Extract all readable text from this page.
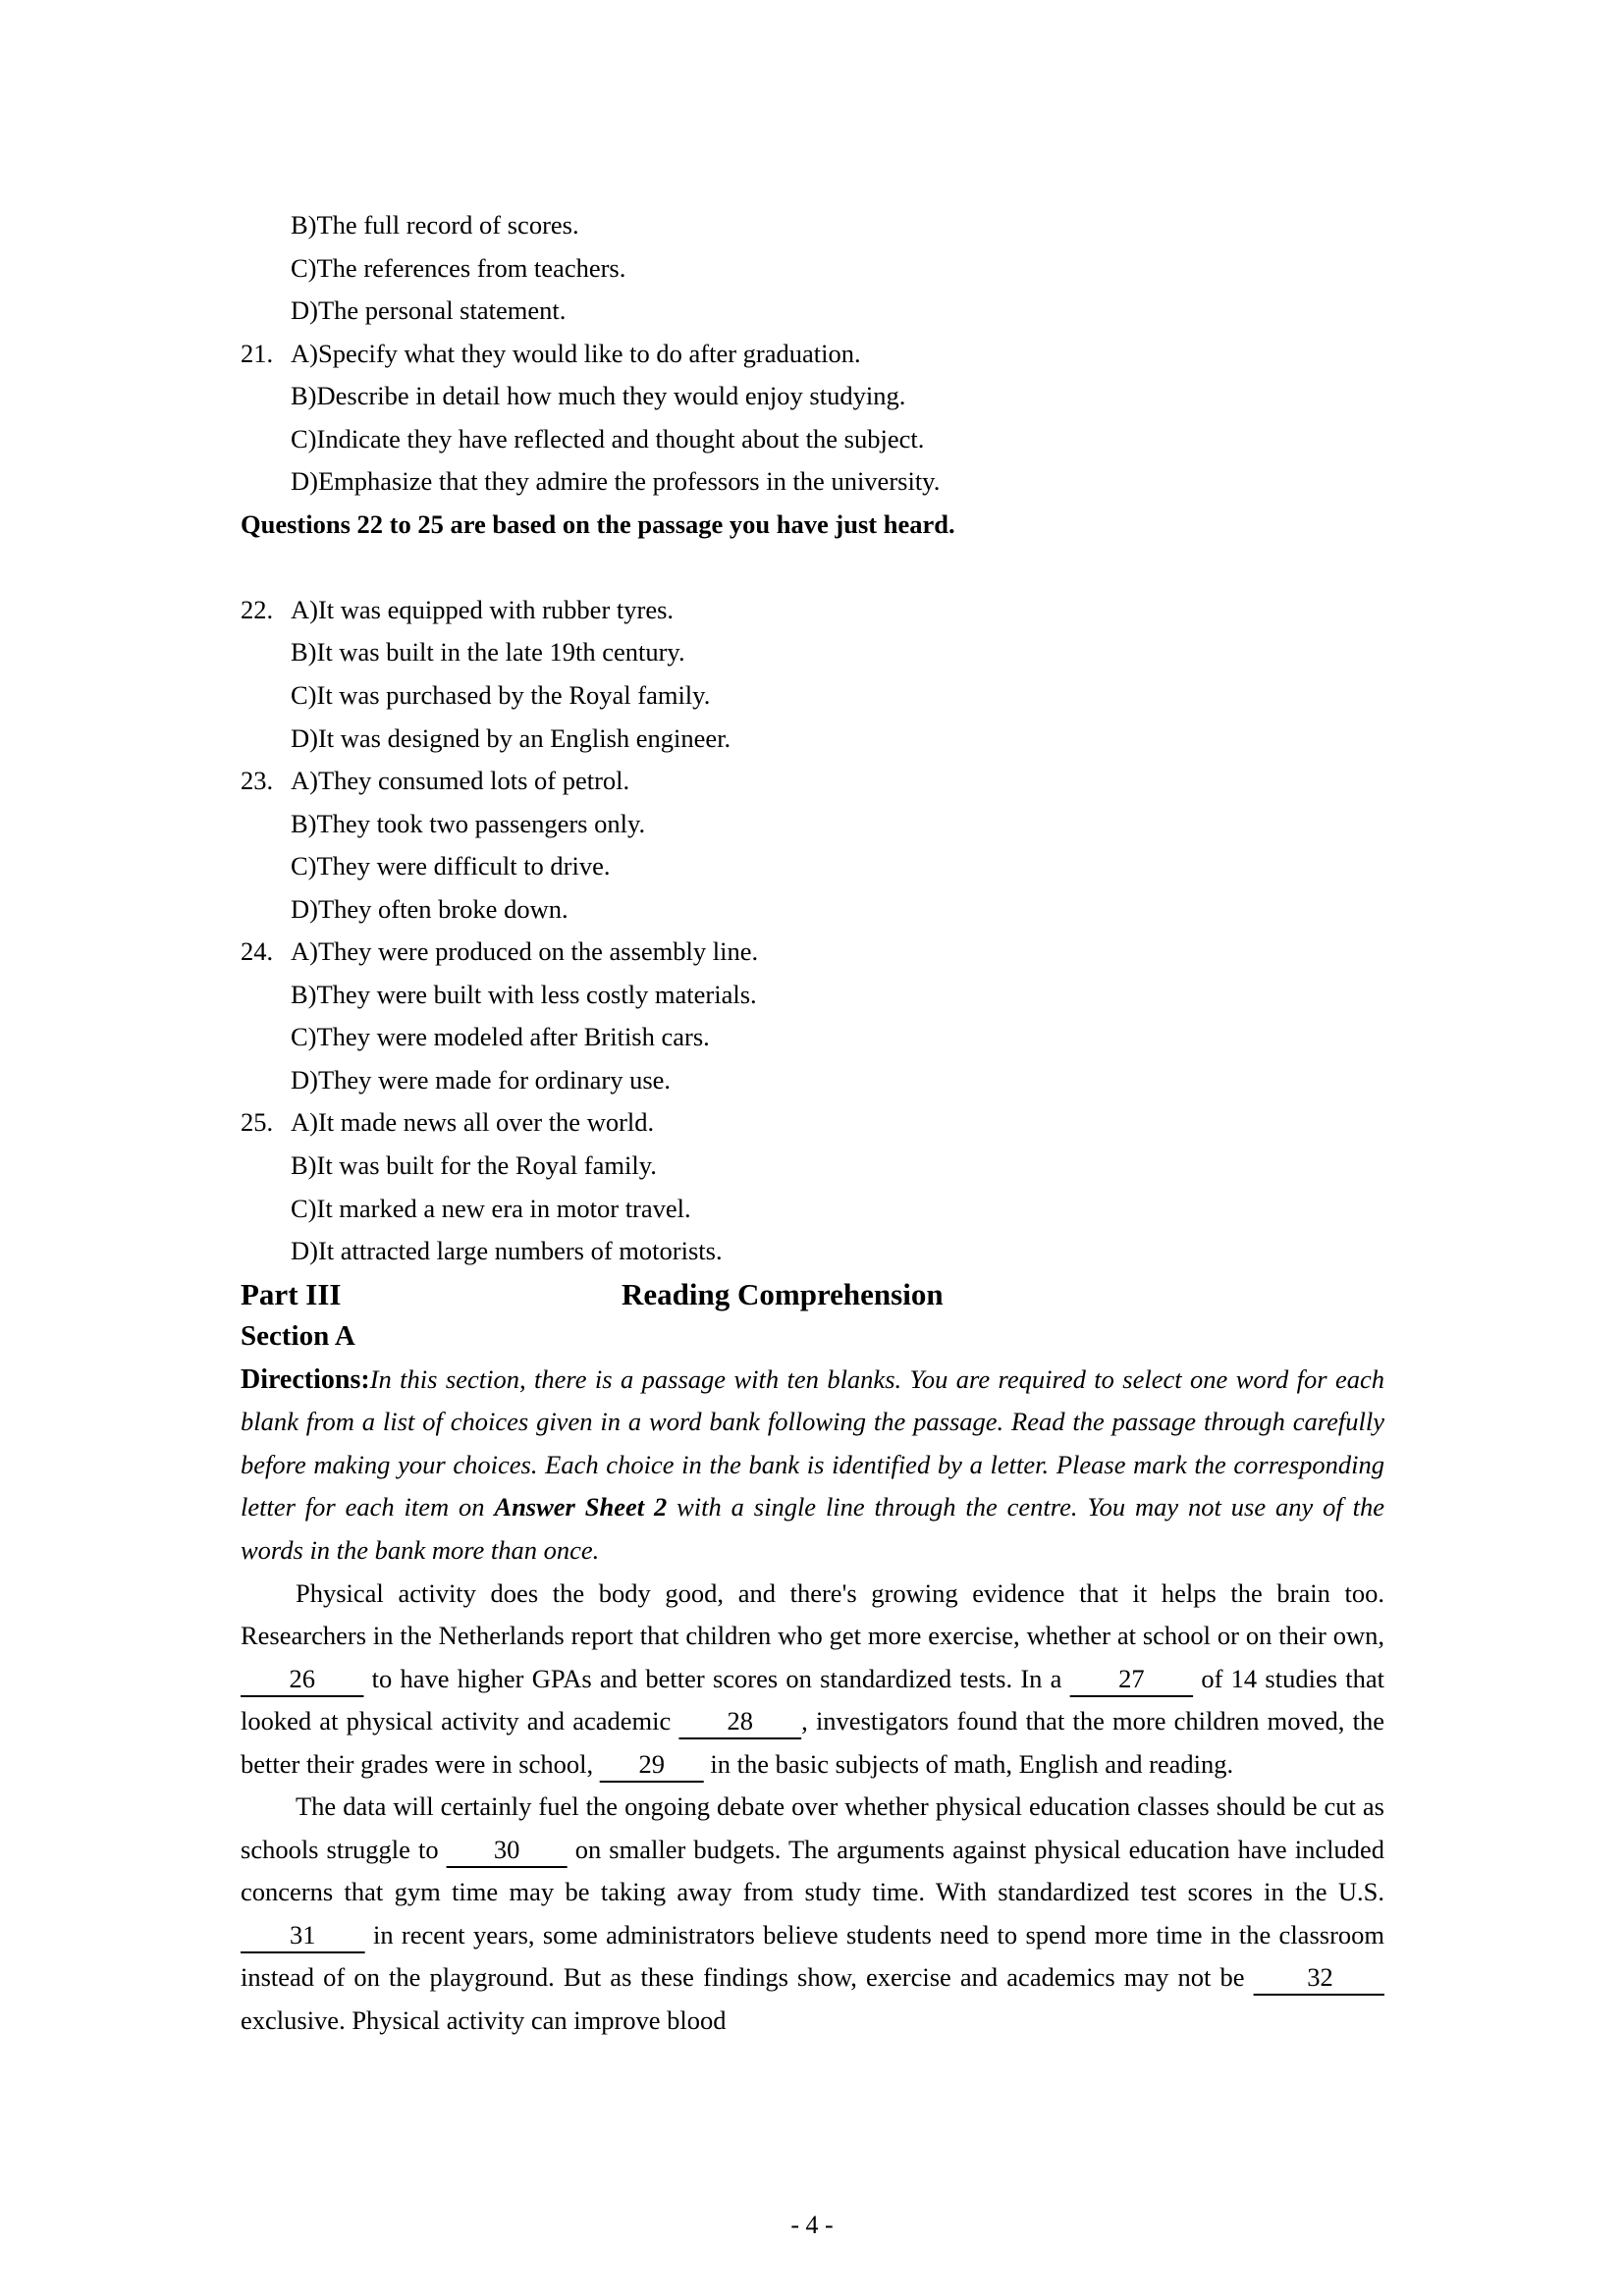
B)The full record of scores.
C)The references from teachers.
D)The personal statement.
21. A)Specify what they would like to do after graduation.
B)Describe in detail how much they would enjoy studying.
C)Indicate they have reflected and thought about the subject.
D)Emphasize that they admire the professors in the university.
Questions 22 to 25 are based on the passage you have just heard.
22. A)It was equipped with rubber tyres.
B)It was built in the late 19th century.
C)It was purchased by the Royal family.
D)It was designed by an English engineer.
23. A)They consumed lots of petrol.
B)They took two passengers only.
C)They were difficult to drive.
D)They often broke down.
24. A)They were produced on the assembly line.
B)They were built with less costly materials.
C)They were modeled after British cars.
D)They were made for ordinary use.
25. A)It made news all over the world.
B)It was built for the Royal family.
C)It marked a new era in motor travel.
D)It attracted large numbers of motorists.
Part III	Reading Comprehension
Section A

Directions:In this section, there is a passage with ten blanks. You are required to select one word for each blank from a list of choices given in a word bank following the passage. Read the passage through carefully before making your choices. Each choice in the bank is identified by a letter. Please mark the corresponding letter for each item on Answer Sheet 2 with a single line through the centre. You may not use any of the words in the bank more than once.

Physical activity does the body good, and there's growing evidence that it helps the brain too. Researchers in the Netherlands report that children who get more exercise, whether at school or on their own,       26       to have higher GPAs and better scores on standardized tests. In a       27       of 14 studies that looked at physical activity and academic       28      , investigators found that the more children moved, the better their grades were in school,       29       in the basic subjects of math, English and reading.

The data will certainly fuel the ongoing debate over whether physical education classes should be cut as schools struggle to       30       on smaller budgets. The arguments against physical education have included concerns that gym time may be taking away from study time. With standardized test scores in the U.S.       31       in recent years, some administrators believe students need to spend more time in the classroom instead of on the playground. But as these findings show, exercise and academics may not be       32       exclusive. Physical activity can improve blood

- 4 -
